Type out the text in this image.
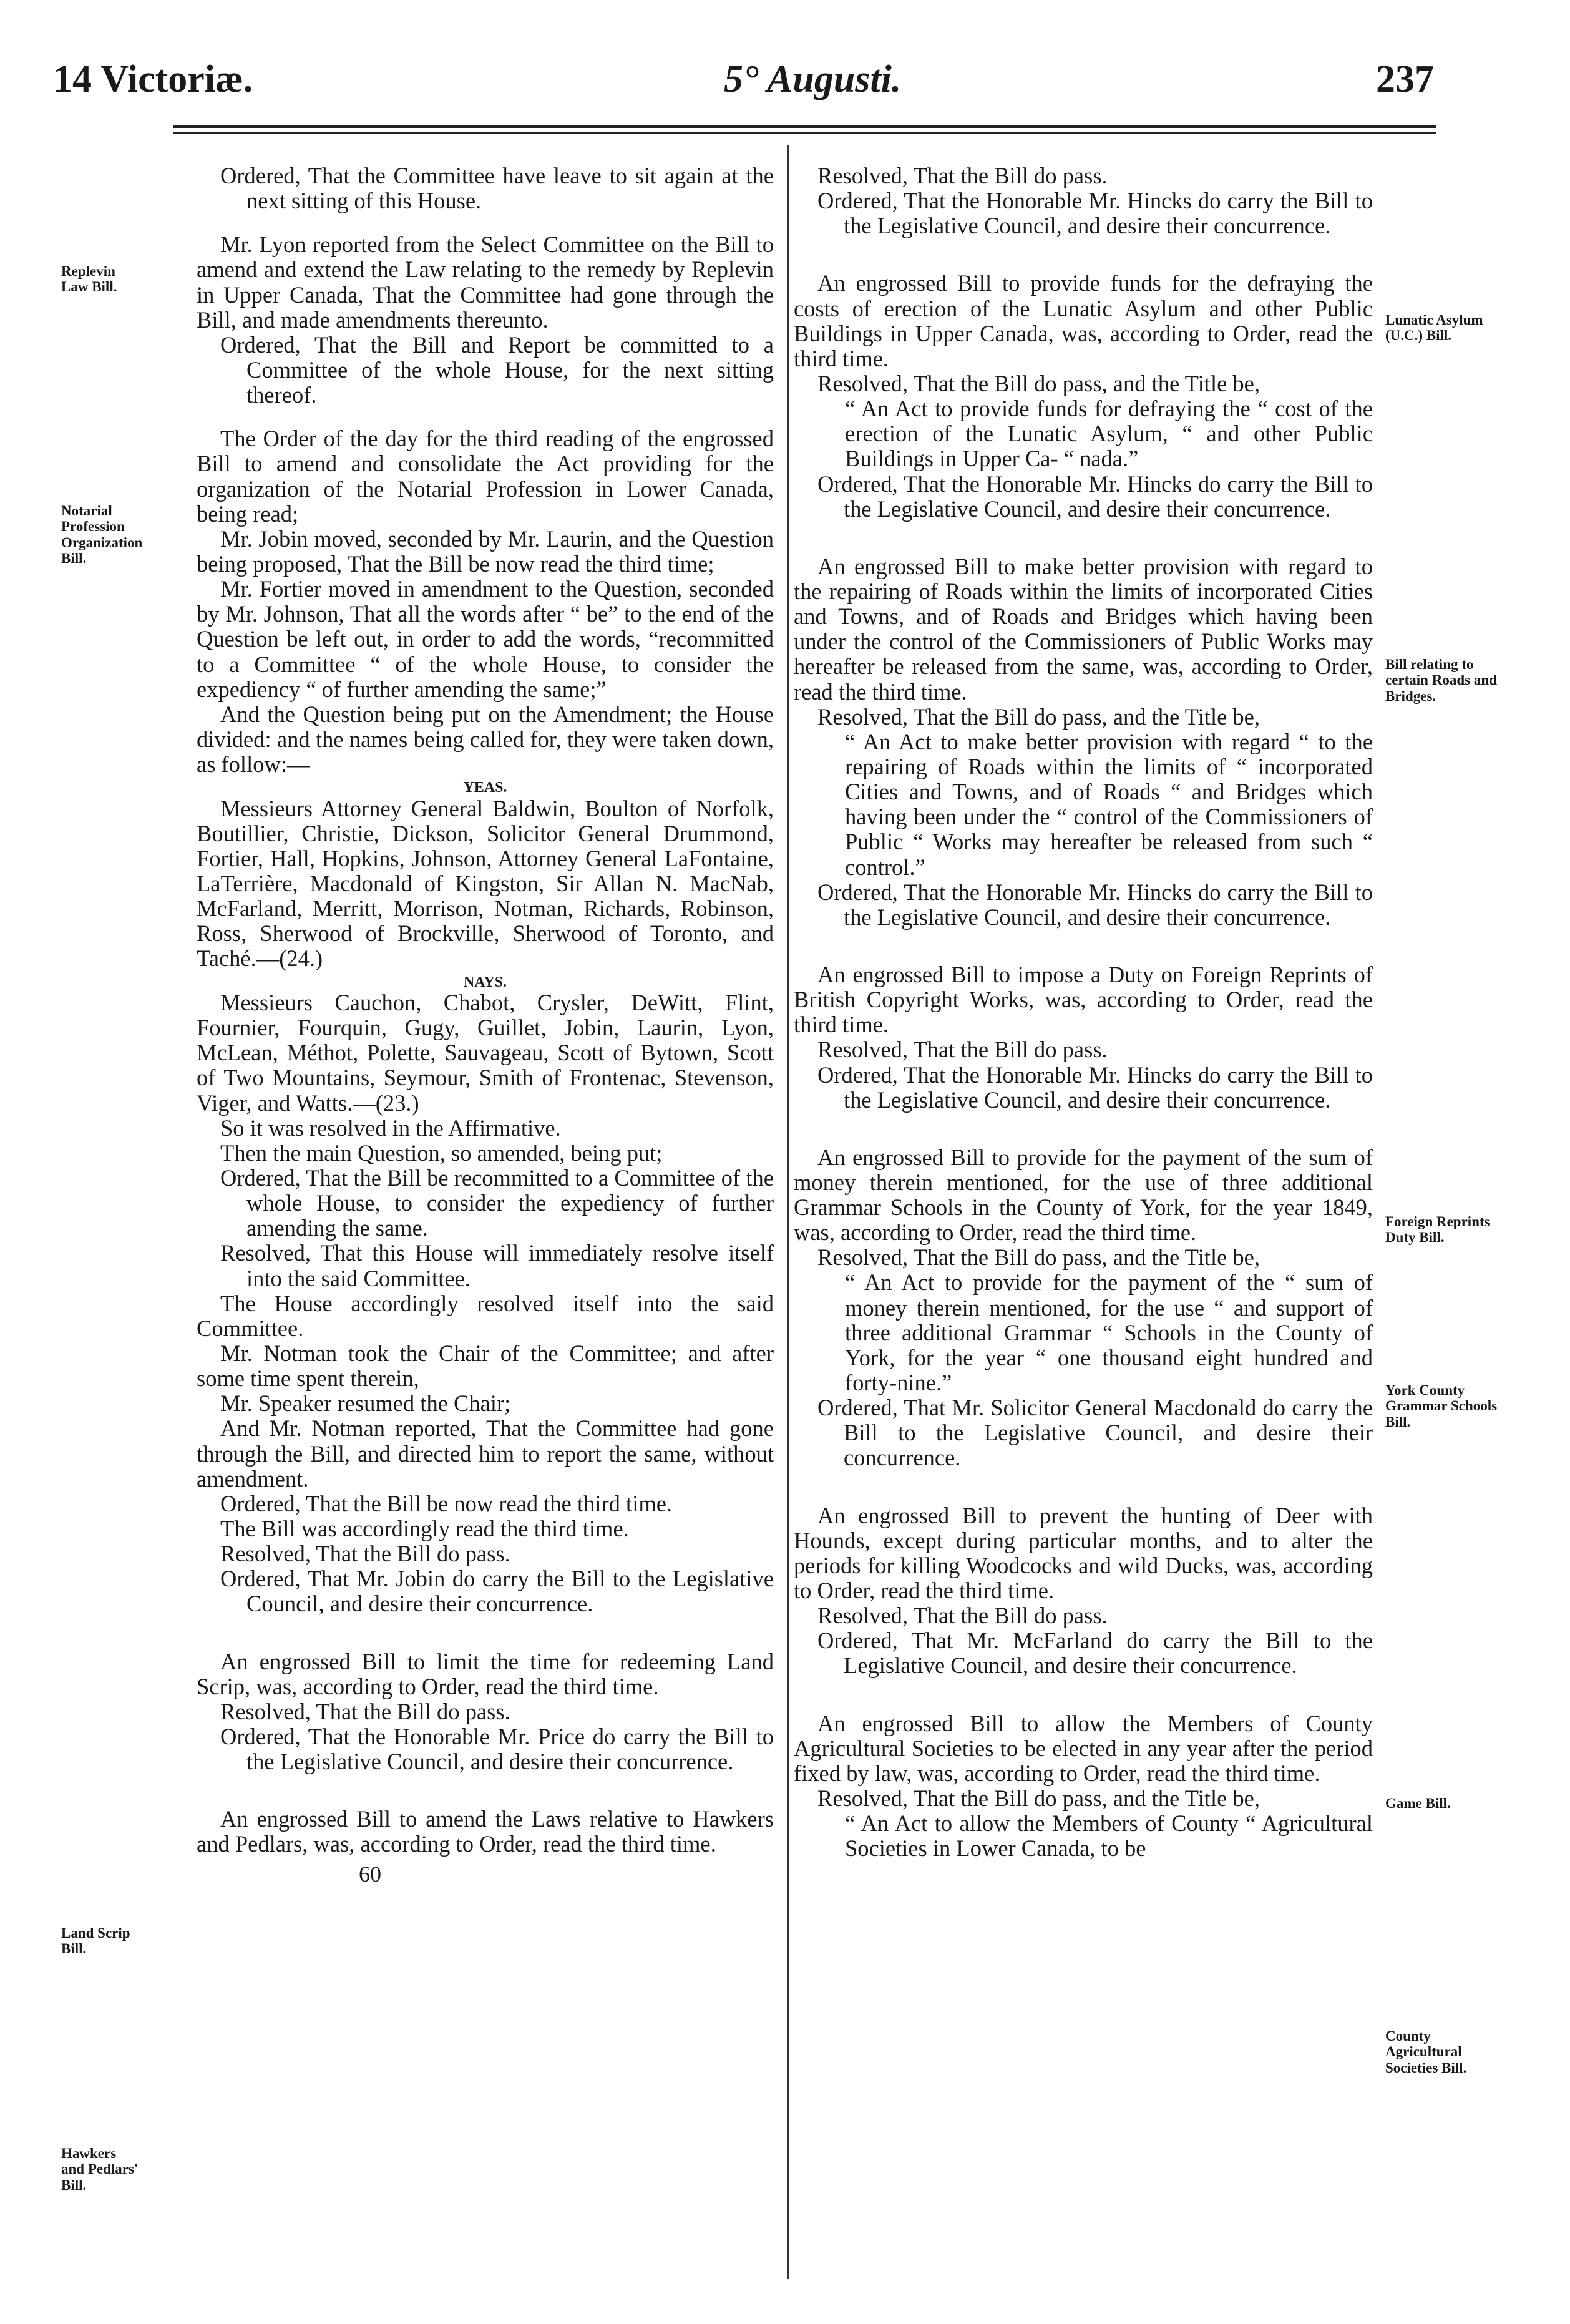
14 Victoriæ.	5° Augusti.	237
Replevin Law Bill.
Notarial Profession Organization Bill.
Land Scrip Bill.
Hawkers and Pedlars' Bill.
Lunatic Asylum (U.C.) Bill.
Bill relating to certain Roads and Bridges.
Foreign Reprints Duty Bill.
York County Grammar Schools Bill.
Game Bill.
County Agricultural Societies Bill.

Ordered, That the Committee have leave to sit again at the next sitting of this House.

Mr. Lyon reported from the Select Committee on the Bill to amend and extend the Law relating to the remedy by Replevin in Upper Canada, That the Committee had gone through the Bill, and made amendments thereunto.

Ordered, That the Bill and Report be committed to a Committee of the whole House, for the next sitting thereof.

The Order of the day for the third reading of the engrossed Bill to amend and consolidate the Act providing for the organization of the Notarial Profession in Lower Canada, being read;

Mr. Jobin moved, seconded by Mr. Laurin, and the Question being proposed, That the Bill be now read the third time;

Mr. Fortier moved in amendment to the Question, seconded by Mr. Johnson, That all the words after “ be” to the end of the Question be left out, in order to add the words, “recommitted to a Committee “ of the whole House, to consider the expediency “ of further amending the same;”

And the Question being put on the Amendment; the House divided: and the names being called for, they were taken down, as follow:—

YEAS.

Messieurs Attorney General Baldwin, Boulton of Norfolk, Boutillier, Christie, Dickson, Solicitor General Drummond, Fortier, Hall, Hopkins, Johnson, Attorney General LaFontaine, LaTerrière, Macdonald of Kingston, Sir Allan N. MacNab, McFarland, Merritt, Morrison, Notman, Richards, Robinson, Ross, Sherwood of Brockville, Sherwood of Toronto, and Taché.—(24.)

NAYS.

Messieurs Cauchon, Chabot, Crysler, DeWitt, Flint, Fournier, Fourquin, Gugy, Guillet, Jobin, Laurin, Lyon, McLean, Méthot, Polette, Sauvageau, Scott of Bytown, Scott of Two Mountains, Seymour, Smith of Frontenac, Stevenson, Viger, and Watts.—(23.)

So it was resolved in the Affirmative.

Then the main Question, so amended, being put;

Ordered, That the Bill be recommitted to a Committee of the whole House, to consider the expediency of further amending the same.

Resolved, That this House will immediately resolve itself into the said Committee.

The House accordingly resolved itself into the said Committee.

Mr. Notman took the Chair of the Committee; and after some time spent therein,

Mr. Speaker resumed the Chair;

And Mr. Notman reported, That the Committee had gone through the Bill, and directed him to report the same, without amendment.

Ordered, That the Bill be now read the third time.

The Bill was accordingly read the third time.

Resolved, That the Bill do pass.

Ordered, That Mr. Jobin do carry the Bill to the Legislative Council, and desire their concurrence.

An engrossed Bill to limit the time for redeeming Land Scrip, was, according to Order, read the third time.

Resolved, That the Bill do pass.

Ordered, That the Honorable Mr. Price do carry the Bill to the Legislative Council, and desire their concurrence.

An engrossed Bill to amend the Laws relative to Hawkers and Pedlars, was, according to Order, read the third time.

60

Resolved, That the Bill do pass.

Ordered, That the Honorable Mr. Hincks do carry the Bill to the Legislative Council, and desire their concurrence.

An engrossed Bill to provide funds for the defraying the costs of erection of the Lunatic Asylum and other Public Buildings in Upper Canada, was, according to Order, read the third time.

Resolved, That the Bill do pass, and the Title be,

“ An Act to provide funds for defraying the “ cost of the erection of the Lunatic Asylum, “ and other Public Buildings in Upper Ca- “ nada.”

Ordered, That the Honorable Mr. Hincks do carry the Bill to the Legislative Council, and desire their concurrence.

An engrossed Bill to make better provision with regard to the repairing of Roads within the limits of incorporated Cities and Towns, and of Roads and Bridges which having been under the control of the Commissioners of Public Works may hereafter be released from the same, was, according to Order, read the third time.

Resolved, That the Bill do pass, and the Title be,

“ An Act to make better provision with regard “ to the repairing of Roads within the limits of “ incorporated Cities and Towns, and of Roads “ and Bridges which having been under the “ control of the Commissioners of Public “ Works may hereafter be released from such “ control.”

Ordered, That the Honorable Mr. Hincks do carry the Bill to the Legislative Council, and desire their concurrence.

An engrossed Bill to impose a Duty on Foreign Reprints of British Copyright Works, was, according to Order, read the third time.

Resolved, That the Bill do pass.

Ordered, That the Honorable Mr. Hincks do carry the Bill to the Legislative Council, and desire their concurrence.

An engrossed Bill to provide for the payment of the sum of money therein mentioned, for the use of three additional Grammar Schools in the County of York, for the year 1849, was, according to Order, read the third time.

Resolved, That the Bill do pass, and the Title be,

“ An Act to provide for the payment of the “ sum of money therein mentioned, for the use “ and support of three additional Grammar “ Schools in the County of York, for the year “ one thousand eight hundred and forty-nine.”

Ordered, That Mr. Solicitor General Macdonald do carry the Bill to the Legislative Council, and desire their concurrence.

An engrossed Bill to prevent the hunting of Deer with Hounds, except during particular months, and to alter the periods for killing Woodcocks and wild Ducks, was, according to Order, read the third time.

Resolved, That the Bill do pass.

Ordered, That Mr. McFarland do carry the Bill to the Legislative Council, and desire their concurrence.

An engrossed Bill to allow the Members of County Agricultural Societies to be elected in any year after the period fixed by law, was, according to Order, read the third time.

Resolved, That the Bill do pass, and the Title be,

“ An Act to allow the Members of County “ Agricultural Societies in Lower Canada, to be
